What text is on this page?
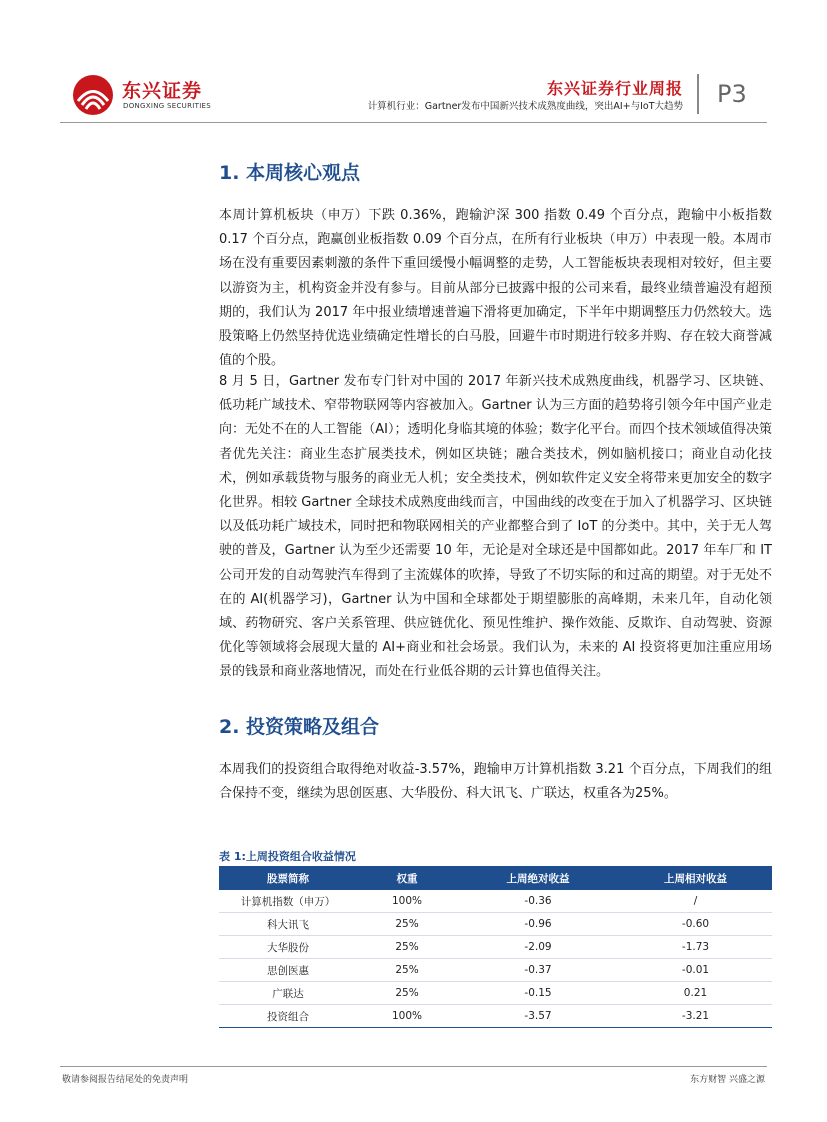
东兴证券
DONGXING SECURITIES
东兴证券行业周报
计算机行业：Gartner发布中国新兴技术成熟度曲线，突出AI+与IoT大趋势 P3
1. 本周核心观点
本周计算机板块（申万）下跌 0.36%，跑输沪深 300 指数 0.49 个百分点，跑输中小板指数 0.17 个百分点，跑赢创业板指数 0.09 个百分点，在所有行业板块（申万）中表现一般。本周市场在没有重要因素刺激的条件下重回缓慢小幅调整的走势，人工智能板块表现相对较好，但主要以游资为主，机构资金并没有参与。目前从部分已披露中报的公司来看，最终业绩普遍没有超预期的，我们认为 2017 年中报业绩增速普遍下滑将更加确定，下半年中期调整压力仍然较大。选股策略上仍然坚持优选业绩确定性增长的白马股，回避牛市时期进行较多并购、存在较大商誉减值的个股。
8 月 5 日，Gartner 发布专门针对中国的 2017 年新兴技术成熟度曲线，机器学习、区块链、低功耗广域技术、窄带物联网等内容被加入。Gartner 认为三方面的趋势将引领今年中国产业走向：无处不在的人工智能（AI）；透明化身临其境的体验；数字化平台。而四个技术领域值得决策者优先关注：商业生态扩展类技术，例如区块链；融合类技术，例如脑机接口；商业自动化技术，例如承载货物与服务的商业无人机；安全类技术，例如软件定义安全将带来更加安全的数字化世界。相较 Gartner 全球技术成熟度曲线而言，中国曲线的改变在于加入了机器学习、区块链以及低功耗广域技术，同时把和物联网相关的产业都整合到了 IoT 的分类中。其中，关于无人驾驶的普及，Gartner 认为至少还需要 10 年，无论是对全球还是中国都如此。2017 年车厂和 IT 公司开发的自动驾驶汽车得到了主流媒体的吹捧，导致了不切实际的和过高的期望。对于无处不在的 AI(机器学习)，Gartner 认为中国和全球都处于期望膨胀的高峰期，未来几年，自动化领域、药物研究、客户关系管理、供应链优化、预见性维护、操作效能、反欺诈、自动驾驶、资源优化等领域将会展现大量的 AI+商业和社会场景。我们认为，未来的 AI 投资将更加注重应用场景的钱景和商业落地情况，而处在行业低谷期的云计算也值得关注。
2. 投资策略及组合
本周我们的投资组合取得绝对收益-3.57%，跑输申万计算机指数 3.21 个百分点，下周我们的组合保持不变，继续为思创医惠、大华股份、科大讯飞、广联达，权重各为25%。
表 1:上周投资组合收益情况
股票简称	权重	上周绝对收益	上周相对收益
计算机指数（申万）	100%	-0.36	/
科大讯飞	25%	-0.96	-0.60
大华股份	25%	-2.09	-1.73
思创医惠	25%	-0.37	-0.01
广联达	25%	-0.15	0.21
投资组合	100%	-3.57	-3.21
敬请参阅报告结尾处的免责声明	东方财智 兴盛之源
